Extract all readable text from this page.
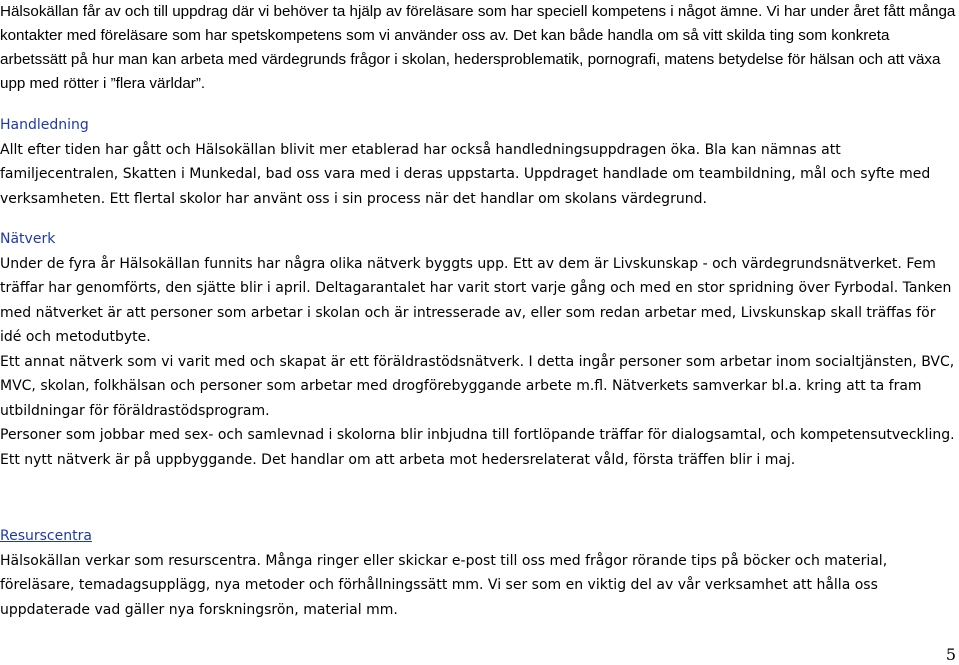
Hälsokällan får av och till uppdrag där vi behöver ta hjälp av föreläsare som har speciell kompetens i något ämne. Vi har under året fått många kontakter med föreläsare som har spetskompetens som vi använder oss av. Det kan både handla om så vitt skilda ting som konkreta arbetssätt på hur man kan arbeta med värdegrunds frågor i skolan, hedersproblematik, pornografi, matens betydelse för hälsan och att växa upp med rötter i ”flera världar”.

Handledning

Allt efter tiden har gått och Hälsokällan blivit mer etablerad har också handledningsuppdragen öka. Bla kan nämnas att familjecentralen, Skatten i Munkedal, bad oss vara med i deras uppstarta. Uppdraget handlade om teambildning, mål och syfte med verksamheten. Ett flertal skolor har använt oss i sin process när det handlar om skolans värdegrund.

Nätverk

Under de fyra år Hälsokällan funnits har några olika nätverk byggts upp. Ett av dem är Livskunskap - och värdegrundsnätverket. Fem träffar har genomförts, den sjätte blir i april. Deltagarantalet har varit stort varje gång och med en stor spridning över Fyrbodal. Tanken med nätverket är att personer som arbetar i skolan och är intresserade av, eller som redan arbetar med, Livskunskap skall träffas för idé och metodutbyte.

Ett annat nätverk som vi varit med och skapat är ett föräldrastödsnätverk. I detta ingår personer som arbetar inom socialtjänsten, BVC, MVC, skolan, folkhälsan och personer som arbetar med drogförebyggande arbete m.fl. Nätverkets samverkar bl.a. kring att ta fram utbildningar för föräldrastödsprogram.

Personer som jobbar med sex- och samlevnad i skolorna blir inbjudna till fortlöpande träffar för dialogsamtal, och kompetensutveckling. Ett nytt nätverk är på uppbyggande. Det handlar om att arbeta mot hedersrelaterat våld, första träffen blir i maj.

Resurscentra

Hälsokällan verkar som resurscentra. Många ringer eller skickar e-post till oss med frågor rörande tips på böcker och material, föreläsare, temadagsupplägg, nya metoder och förhållningssätt mm. Vi ser som en viktig del av vår verksamhet att hålla oss uppdaterade vad gäller nya forskningsrön, material mm.

5
